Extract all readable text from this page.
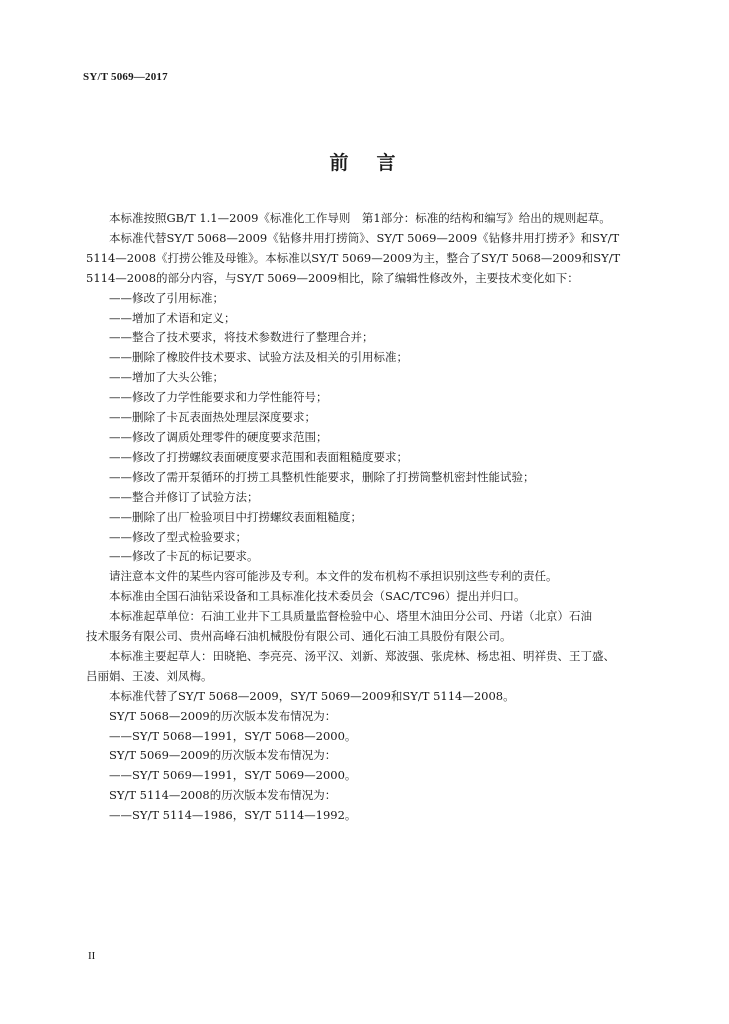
SY/T 5069—2017
前言
本标准按照GB/T 1.1—2009《标准化工作导则　第1部分：标准的结构和编写》给出的规则起草。
本标准代替SY/T 5068—2009《钻修井用打捞筒》、SY/T 5069—2009《钻修井用打捞矛》和SY/T
5114—2008《打捞公锥及母锥》。本标准以SY/T 5069—2009为主，整合了SY/T 5068—2009和SY/T
5114—2008的部分内容，与SY/T 5069—2009相比，除了编辑性修改外，主要技术变化如下：
——修改了引用标准；
——增加了术语和定义；
——整合了技术要求，将技术参数进行了整理合并；
——删除了橡胶件技术要求、试验方法及相关的引用标准；
——增加了大头公锥；
——修改了力学性能要求和力学性能符号；
——删除了卡瓦表面热处理层深度要求；
——修改了调质处理零件的硬度要求范围；
——修改了打捞螺纹表面硬度要求范围和表面粗糙度要求；
——修改了需开泵循环的打捞工具整机性能要求，删除了打捞筒整机密封性能试验；
——整合并修订了试验方法；
——删除了出厂检验项目中打捞螺纹表面粗糙度；
——修改了型式检验要求；
——修改了卡瓦的标记要求。
请注意本文件的某些内容可能涉及专利。本文件的发布机构不承担识别这些专利的责任。
本标准由全国石油钻采设备和工具标准化技术委员会（SAC/TC96）提出并归口。
本标准起草单位：石油工业井下工具质量监督检验中心、塔里木油田分公司、丹诺（北京）石油
技术服务有限公司、贵州高峰石油机械股份有限公司、通化石油工具股份有限公司。
本标准主要起草人：田晓艳、李亮亮、汤平汉、刘新、郑波强、张虎林、杨忠祖、明祥贵、王丁盛、
吕丽娟、王凌、刘凤梅。
本标准代替了SY/T 5068—2009，SY/T 5069—2009和SY/T 5114—2008。
SY/T 5068—2009的历次版本发布情况为：
——SY/T 5068—1991，SY/T 5068—2000。
SY/T 5069—2009的历次版本发布情况为：
——SY/T 5069—1991，SY/T 5069—2000。
SY/T 5114—2008的历次版本发布情况为：
——SY/T 5114—1986，SY/T 5114—1992。
II
